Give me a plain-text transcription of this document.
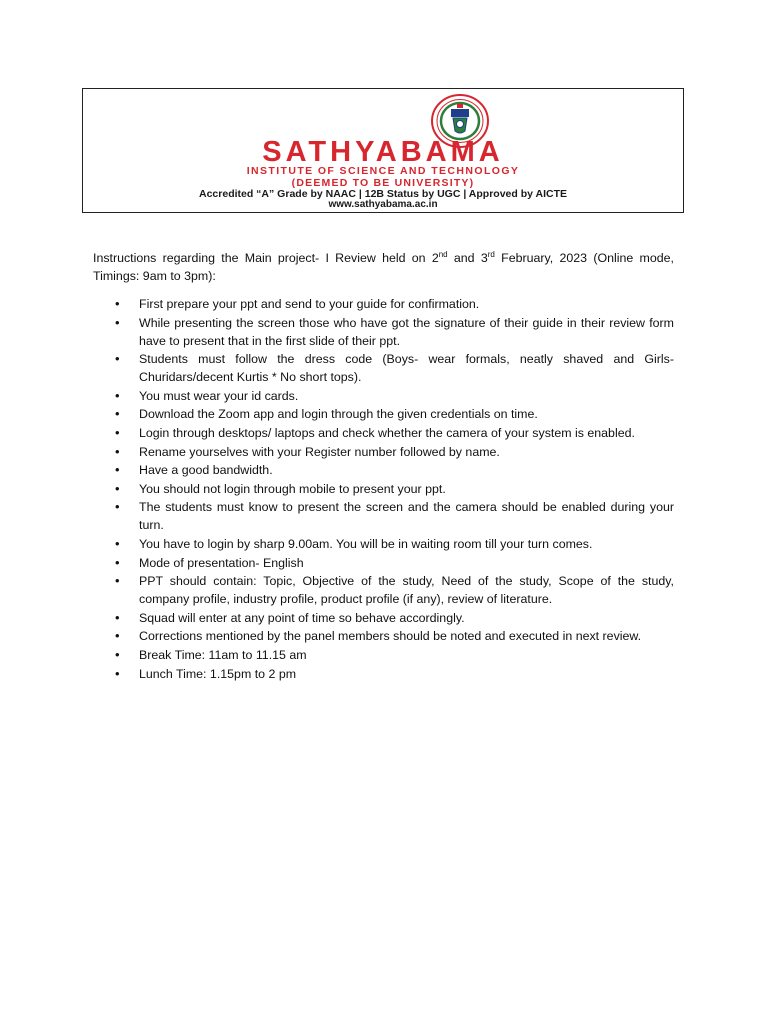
SATHYABAMA
INSTITUTE OF SCIENCE AND TECHNOLOGY
(DEEMED TO BE UNIVERSITY)
Accredited “A” Grade by NAAC | 12B Status by UGC | Approved by AICTE
www.sathyabama.ac.in

Instructions regarding the Main project- I Review held on 2nd and 3rd February, 2023 (Online mode, Timings: 9am to 3pm):

• First prepare your ppt and send to your guide for confirmation.
• While presenting the screen those who have got the signature of their guide in their review form have to present that in the first slide of their ppt.
• Students must follow the dress code (Boys- wear formals, neatly shaved and Girls-Churidars/decent Kurtis * No short tops).
• You must wear your id cards.
• Download the Zoom app and login through the given credentials on time.
• Login through desktops/ laptops and check whether the camera of your system is enabled.
• Rename yourselves with your Register number followed by name.
• Have a good bandwidth.
• You should not login through mobile to present your ppt.
• The students must know to present the screen and the camera should be enabled during your turn.
• You have to login by sharp 9.00am. You will be in waiting room till your turn comes.
• Mode of presentation- English
• PPT should contain: Topic, Objective of the study, Need of the study, Scope of the study, company profile, industry profile, product profile (if any), review of literature.
• Squad will enter at any point of time so behave accordingly.
• Corrections mentioned by the panel members should be noted and executed in next review.
• Break Time: 11am to 11.15 am
• Lunch Time: 1.15pm to 2 pm
